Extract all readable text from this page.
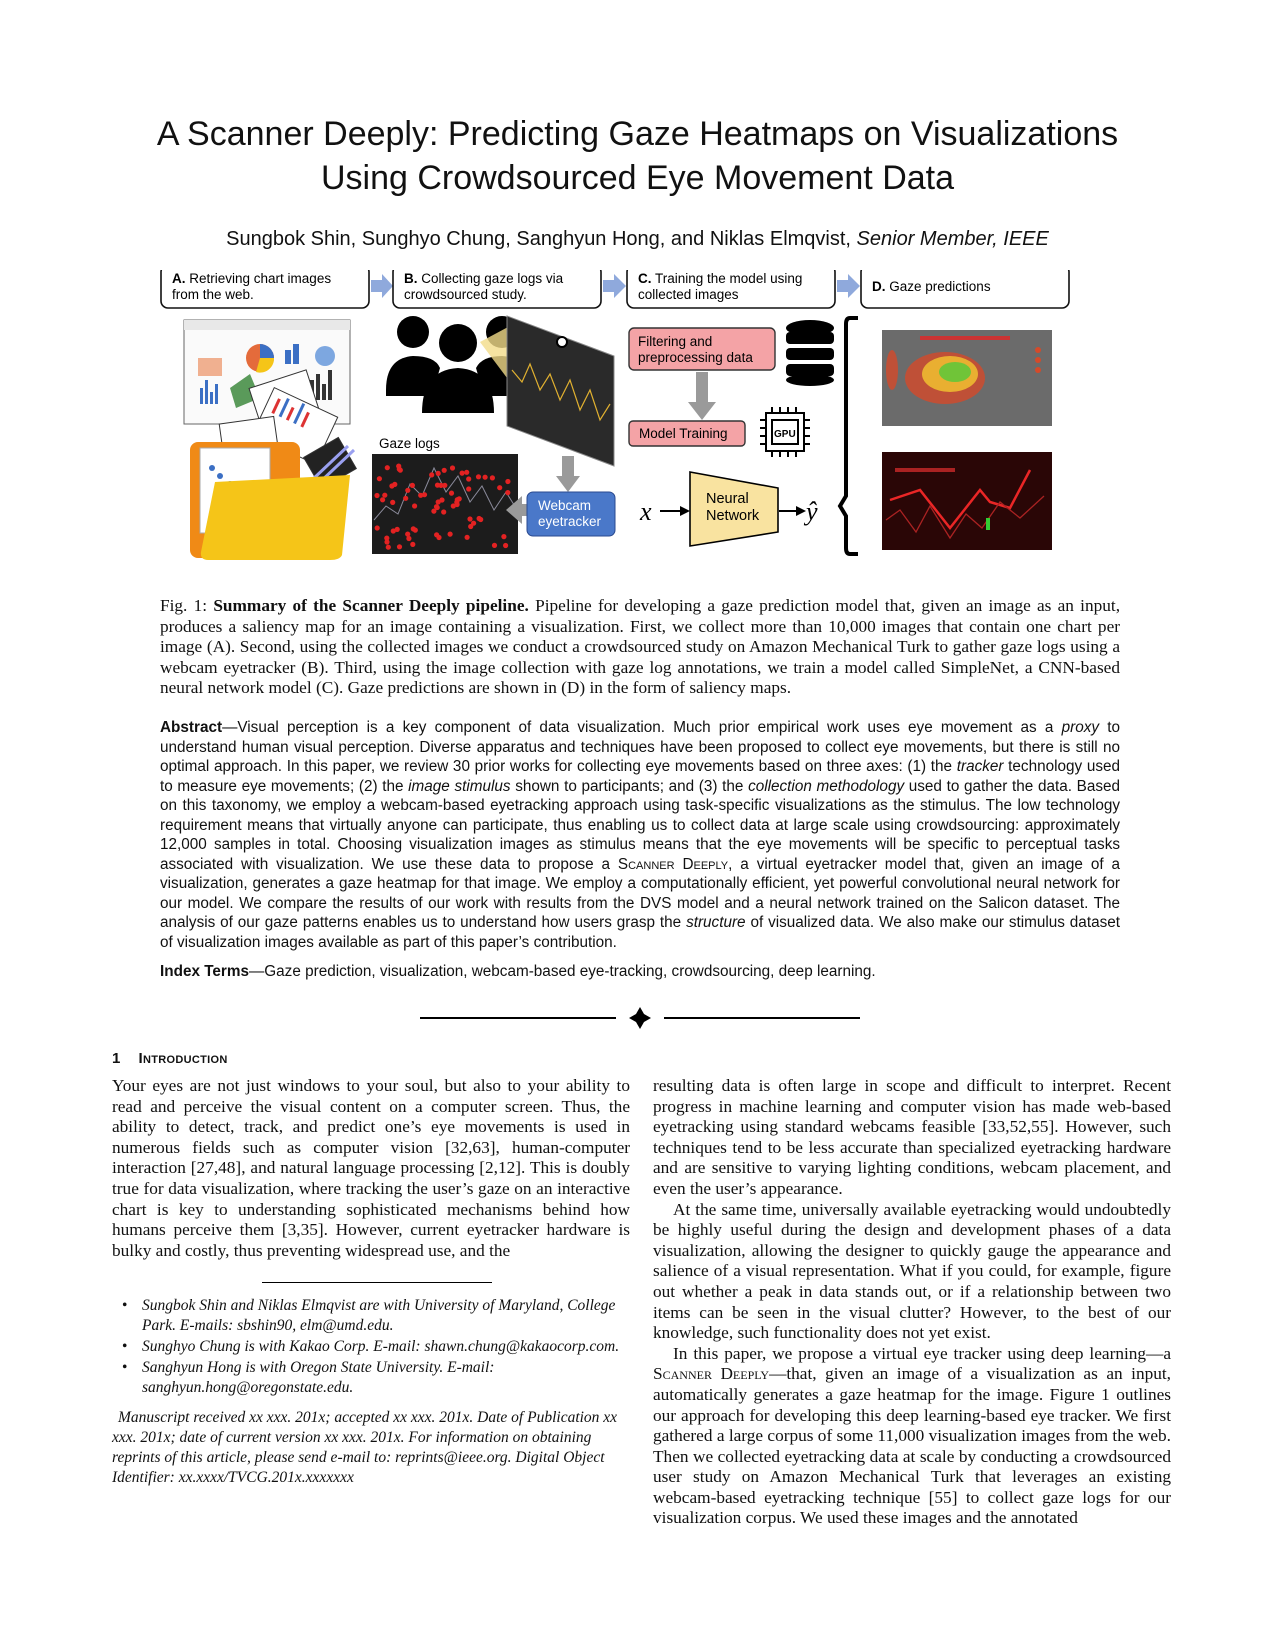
A Scanner Deeply: Predicting Gaze Heatmaps on Visualizations
Using Crowdsourced Eye Movement Data
Sungbok Shin, Sunghyo Chung, Sanghyun Hong, and Niklas Elmqvist, Senior Member, IEEE
A. Retrieving chart images
from the web.
B. Collecting gaze logs via
crowdsourced study.
C. Training the model using
collected images
D. Gaze predictions
Gaze logs
Webcam
eyetracker
Filtering and
preprocessing data
Model Training	GPU
x	Neural
Network ŷ
Fig. 1: Summary of the Scanner Deeply pipeline. Pipeline for developing a gaze prediction model that, given an image as an input, produces a saliency map for an image containing a visualization. First, we collect more than 10,000 images that contain one chart per image (A). Second, using the collected images we conduct a crowdsourced study on Amazon Mechanical Turk to gather gaze logs using a webcam eyetracker (B). Third, using the image collection with gaze log annotations, we train a model called SimpleNet, a CNN-based neural network model (C). Gaze predictions are shown in (D) in the form of saliency maps.
Abstract—Visual perception is a key component of data visualization. Much prior empirical work uses eye movement as a proxy to understand human visual perception. Diverse apparatus and techniques have been proposed to collect eye movements, but there is still no optimal approach. In this paper, we review 30 prior works for collecting eye movements based on three axes: (1) the tracker technology used to measure eye movements; (2) the image stimulus shown to participants; and (3) the collection methodology used to gather the data. Based on this taxonomy, we employ a webcam-based eyetracking approach using task-specific visualizations as the stimulus. The low technology requirement means that virtually anyone can participate, thus enabling us to collect data at large scale using crowdsourcing: approximately 12,000 samples in total. Choosing visualization images as stimulus means that the eye movements will be specific to perceptual tasks associated with visualization. We use these data to propose a Scanner Deeply, a virtual eyetracker model that, given an image of a visualization, generates a gaze heatmap for that image. We employ a computationally efficient, yet powerful convolutional neural network for our model. We compare the results of our work with results from the DVS model and a neural network trained on the Salicon dataset. The analysis of our gaze patterns enables us to understand how users grasp the structure of visualized data. We also make our stimulus dataset of visualization images available as part of this paper’s contribution.
Index Terms—Gaze prediction, visualization, webcam-based eye-tracking, crowdsourcing, deep learning.
1 Introduction

Your eyes are not just windows to your soul, but also to your ability to read and perceive the visual content on a computer screen. Thus, the ability to detect, track, and predict one’s eye movements is used in numerous fields such as computer vision [32,63], human-computer interaction [27,48], and natural language processing [2,12]. This is doubly true for data visualization, where tracking the user’s gaze on an interactive chart is key to understanding sophisticated mechanisms behind how humans perceive them [3,35]. However, current eyetracker hardware is bulky and costly, thus preventing widespread use, and the

• Sungbok Shin and Niklas Elmqvist are with University of Maryland, College Park. E-mails: sbshin90, elm@umd.edu.
• Sunghyo Chung is with Kakao Corp. E-mail: shawn.chung@kakaocorp.com.
• Sanghyun Hong is with Oregon State University. E-mail: sanghyun.hong@oregonstate.edu.
Manuscript received xx xxx. 201x; accepted xx xxx. 201x. Date of Publication xx xxx. 201x; date of current version xx xxx. 201x. For information on obtaining reprints of this article, please send e-mail to: reprints@ieee.org. Digital Object Identifier: xx.xxxx/TVCG.201x.xxxxxxx

resulting data is often large in scope and difficult to interpret. Recent progress in machine learning and computer vision has made web-based eyetracking using standard webcams feasible [33,52,55]. However, such techniques tend to be less accurate than specialized eyetracking hardware and are sensitive to varying lighting conditions, webcam placement, and even the user’s appearance.

At the same time, universally available eyetracking would undoubtedly be highly useful during the design and development phases of a data visualization, allowing the designer to quickly gauge the appearance and salience of a visual representation. What if you could, for example, figure out whether a peak in data stands out, or if a relationship between two items can be seen in the visual clutter? However, to the best of our knowledge, such functionality does not yet exist.

In this paper, we propose a virtual eye tracker using deep learning—a Scanner Deeply—that, given an image of a visualization as an input, automatically generates a gaze heatmap for the image. Figure 1 outlines our approach for developing this deep learning-based eye tracker. We first gathered a large corpus of some 11,000 visualization images from the web. Then we collected eyetracking data at scale by conducting a crowdsourced user study on Amazon Mechanical Turk that leverages an existing webcam-based eyetracking technique [55] to collect gaze logs for our visualization corpus. We used these images and the annotated
